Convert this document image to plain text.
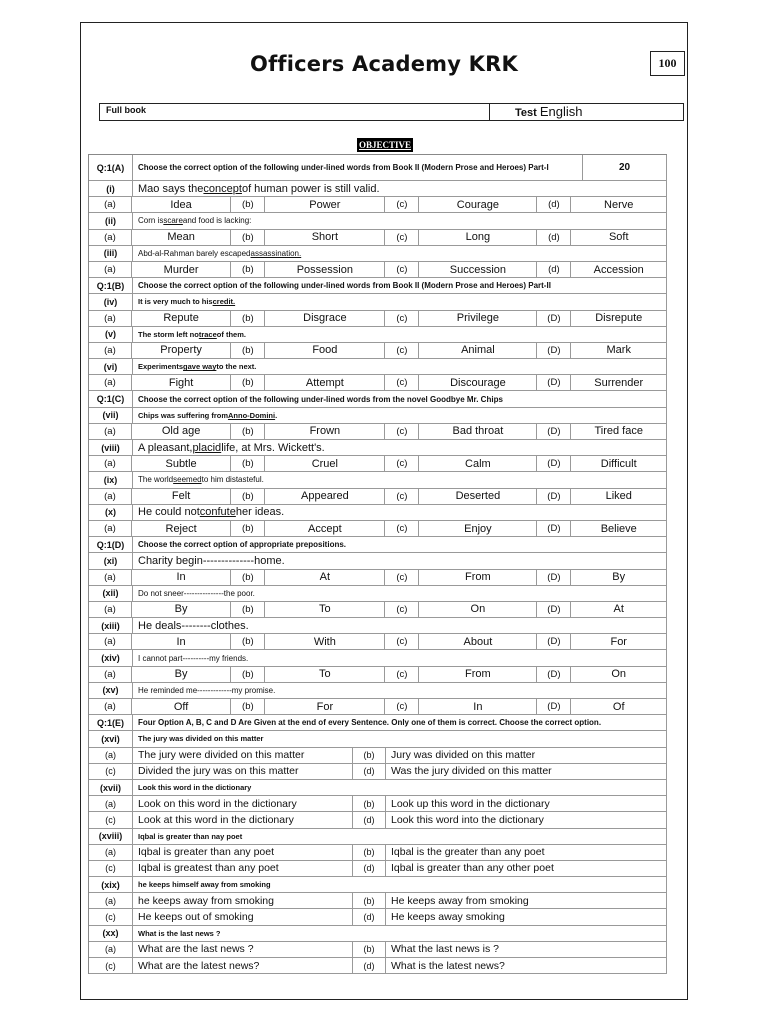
Officers Academy KRK	100
Full book	Test English
OBJECTIVE
Q:1(A)	Choose the correct option of the following under-lined words from Book II (Modern Prose and Heroes) Part-I	20
(i)	Mao says the concept of human power is still valid.
(a)	Idea	(b)	Power	(c)	Courage	(d)	Nerve
(ii)	Corn is scare and food is lacking:
(a)	Mean	(b)	Short	(c)	Long	(d)	Soft
(iii)	Abd-al-Rahman barely escaped assassination.
(a)	Murder	(b)	Possession	(c)	Succession	(d)	Accession
Q:1(B)	Choose the correct option of the following under-lined words from Book II (Modern Prose and Heroes) Part-II
(iv)	It is very much to his credit.
(a)	Repute	(b)	Disgrace	(c)	Privilege	(D)	Disrepute
(v)	The storm left no trace of them.
(a)	Property	(b)	Food	(c)	Animal	(D)	Mark
(vi)	Experiments gave way to the next.
(a)	Fight	(b)	Attempt	(c)	Discourage	(D)	Surrender
Q:1(C)	Choose the correct option of the following under-lined words from the novel Goodbye Mr. Chips
(vii)	Chips was suffering from Anno-Domini .
(a)	Old age	(b)	Frown	(c)	Bad throat	(D)	Tired face
(viii)	A pleasant, placid life, at Mrs. Wickett's.
(a)	Subtle	(b)	Cruel	(c)	Calm	(D)	Difficult
(ix)	The world seemed to him distasteful.
(a)	Felt	(b)	Appeared	(c)	Deserted	(D)	Liked
(x)	He could not confute her ideas.
(a)	Reject	(b)	Accept	(c)	Enjoy	(D)	Believe
Q:1(D)	Choose the correct option of appropriate prepositions.
(xi)	Charity begin--------------home.
(a)	In	(b)	At	(c)	From	(D)	By
(xii)	Do not sneer---------------the poor.
(a)	By	(b)	To	(c)	On	(D)	At
(xiii)	He deals--------clothes.
(a)	In	(b)	With	(c)	About	(D)	For
(xiv)	I cannot part----------my friends.
(a)	By	(b)	To	(c)	From	(D)	On
(xv)	He reminded me-------------my promise.
(a)	Off	(b)	For	(c)	In	(D)	Of
Q:1(E)	Four Option A, B, C and D Are Given at the end of every Sentence. Only one of them is correct. Choose the correct option.
(xvi)	The jury was divided on this matter
(a)	The jury were divided on this matter	(b)	Jury was divided on this matter
(c)	Divided the jury was on this matter	(d)	Was the jury divided on this matter
(xvii)	Look this word in the dictionary
(a)	Look on this word in the dictionary	(b)	Look up this word in the dictionary
(c)	Look at this word in the dictionary	(d)	Look this word into the dictionary
(xviii)	Iqbal is greater than nay poet
(a)	Iqbal is greater than any poet	(b)	Iqbal is the greater than any poet
(c)	Iqbal is greatest than any poet	(d)	Iqbal is greater than any other poet
(xix)	he keeps himself away from smoking
(a)	he keeps away from smoking	(b)	He keeps away from smoking
(c)	He keeps out of smoking	(d)	He keeps away smoking
(xx)	What is the last news ?
(a)	What are the last news ?	(b)	What the last news is ?
(c)	What are the latest news?	(d)	What is the latest news?
